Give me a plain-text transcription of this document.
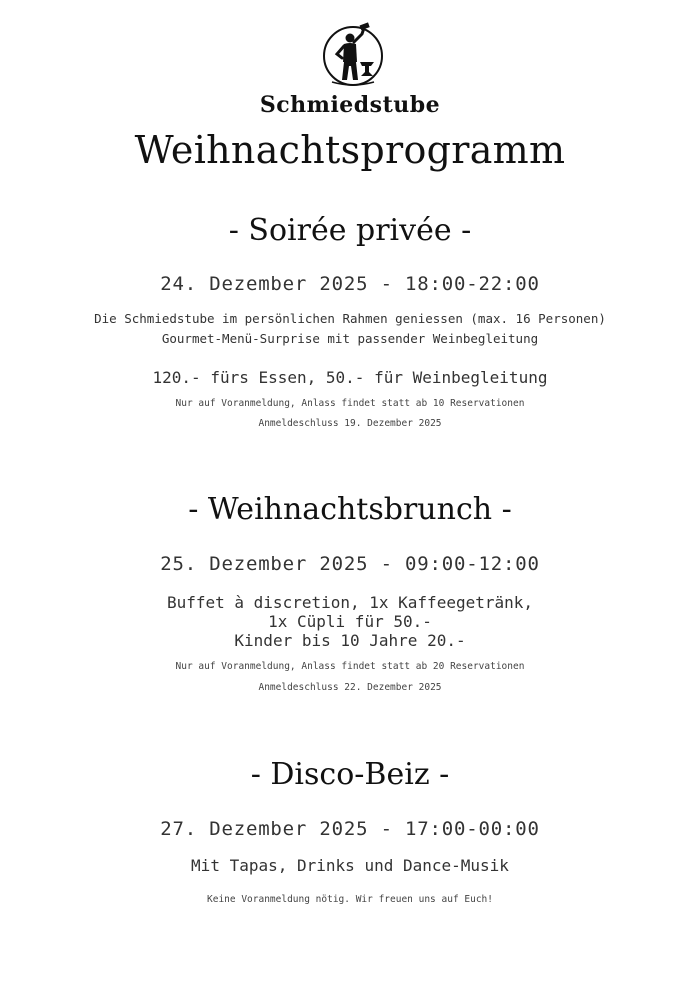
Schmiedstube
Weihnachtsprogramm
- Soirée privée -
24. Dezember 2025 - 18:00-22:00
Die Schmiedstube im persönlichen Rahmen geniessen (max. 16 Personen)
Gourmet-Menü-Surprise mit passender Weinbegleitung
120.- fürs Essen, 50.- für Weinbegleitung
Nur auf Voranmeldung, Anlass findet statt ab 10 Reservationen
Anmeldeschluss 19. Dezember 2025
- Weihnachtsbrunch -
25. Dezember 2025 - 09:00-12:00
Buffet à discretion, 1x Kaffeegetränk,
1x Cüpli für 50.-
Kinder bis 10 Jahre 20.-
Nur auf Voranmeldung, Anlass findet statt ab 20 Reservationen
Anmeldeschluss 22. Dezember 2025
- Disco-Beiz -
27. Dezember 2025 - 17:00-00:00
Mit Tapas, Drinks und Dance-Musik
Keine Voranmeldung nötig. Wir freuen uns auf Euch!
